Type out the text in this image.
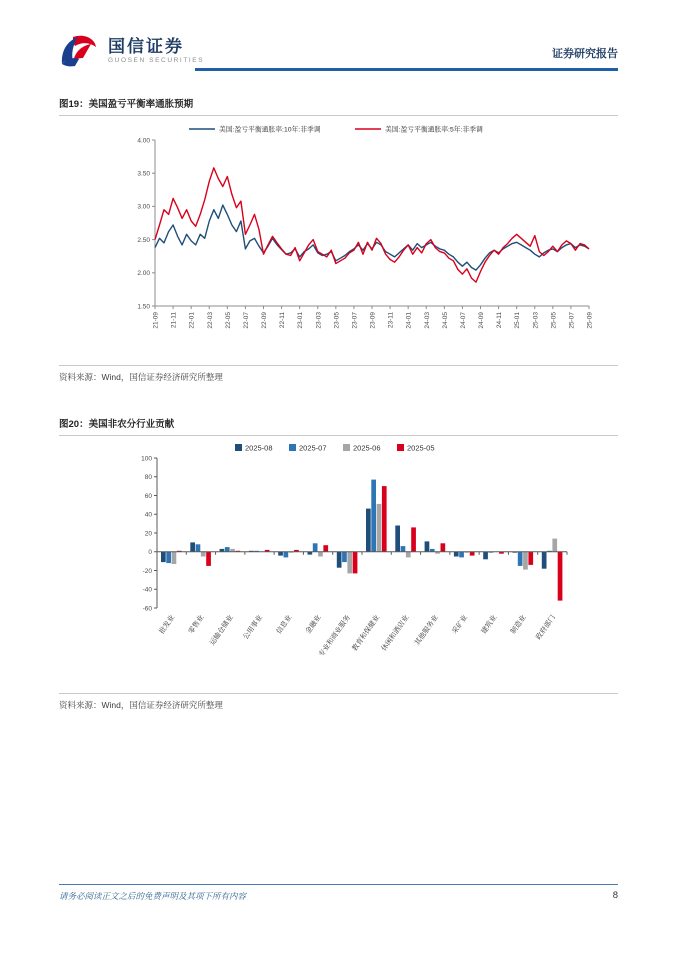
国信证券
GUOSEN SECURITIES
证券研究报告
图19：美国盈亏平衡率通胀预期
美国:盈亏平衡通胀率:10年:非季调	美国:盈亏平衡通胀率:5年:非季调
1.50
2.00
2.50
3.00
3.50
4.00
21-09 21-11 22-01 22-03 22-05 22-07 22-09 22-11 23-01 23-03 23-05 23-07 23-09 23-11 24-01 24-03 24-05 24-07 24-09 24-11 25-01 25-03 25-05 25-07 25-09
资料来源：Wind，国信证券经济研究所整理
图20：美国非农分行业贡献
2025-08	2025-07	2025-06	2025-05
-60
-40
-20
0
20
40
60
80
100
批发业 零售业 运输仓储业 公用事业 信息业 金融业
专业和商业服务 教育和保健业 休闲和酒店业 其他服务业 采矿业 建筑业 制造业 政府部门
资料来源：Wind，国信证券经济研究所整理
请务必阅读正文之后的免费声明及其项下所有内容	8
